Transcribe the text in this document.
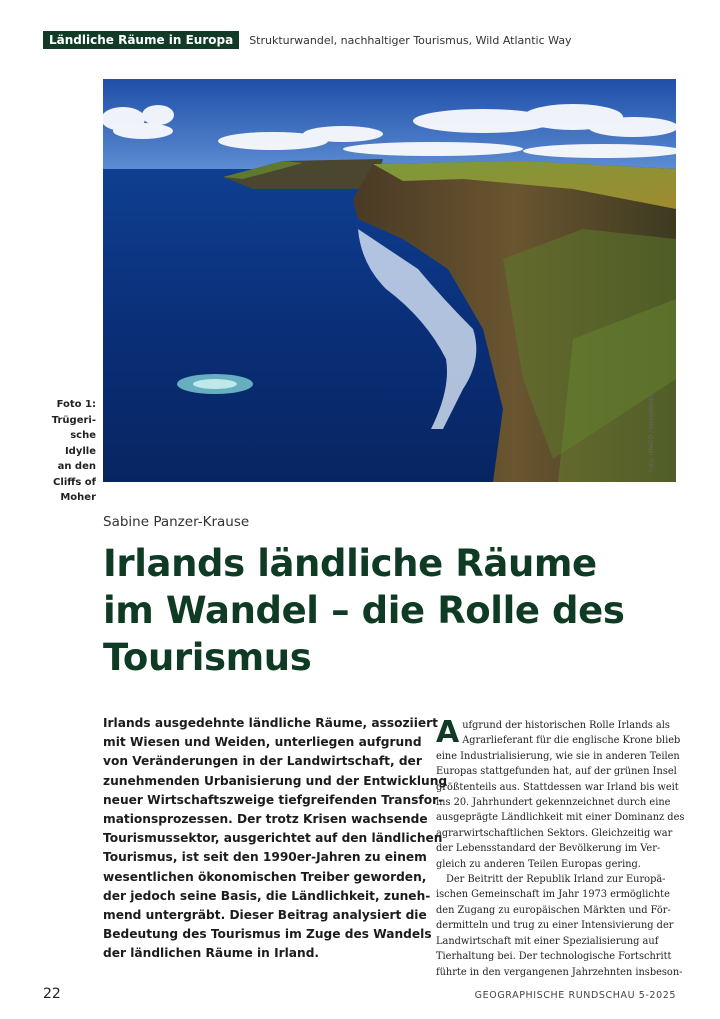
Ländliche Räume in Europa	Strukturwandel, nachhaltiger Tourismus, Wild Atlantic Way
Foto 1:
Trügeri-
sche Idylle
an den
Cliffs of
Moher
Foto: IMAGO / imagebroker
Sabine Panzer-Krause
Irlands ländliche Räume
im Wandel – die Rolle des
Tourismus
Irlands ausgedehnte ländliche Räume, assoziiert
mit Wiesen und Weiden, unterliegen aufgrund
von Veränderungen in der Landwirtschaft, der
zunehmenden Urbanisierung und der Entwicklung
neuer Wirtschaftszweige tiefgreifenden Transfor-
mationsprozessen. Der trotz Krisen wachsende
Tourismussektor, ausgerichtet auf den ländlichen
Tourismus, ist seit den 1990er-Jahren zu einem
wesentlichen ökonomischen Treiber geworden,
der jedoch seine Basis, die Ländlichkeit, zuneh-
mend untergräbt. Dieser Beitrag analysiert die
Bedeutung des Tourismus im Zuge des Wandels
der ländlichen Räume in Irland.
A ufgrund der historischen Rolle Irlands als
Agrarlieferant für die englische Krone blieb
eine Industrialisierung, wie sie in anderen Teilen
Europas stattgefunden hat, auf der grünen Insel
größtenteils aus. Stattdessen war Irland bis weit
ins 20. Jahrhundert gekennzeichnet durch eine
ausgeprägte Ländlichkeit mit einer Dominanz des
agrarwirtschaftlichen Sektors. Gleichzeitig war
der Lebensstandard der Bevölkerung im Ver-
gleich zu anderen Teilen Europas gering.
Der Beitritt der Republik Irland zur Europä-
ischen Gemeinschaft im Jahr 1973 ermöglichte
den Zugang zu europäischen Märkten und För-
dermitteln und trug zu einer Intensivierung der
Landwirtschaft mit einer Spezialisierung auf
Tierhaltung bei. Der technologische Fortschritt
führte in den vergangenen Jahrzehnten insbeson-
22	GEOGRAPHISCHE RUNDSCHAU 5-2025
